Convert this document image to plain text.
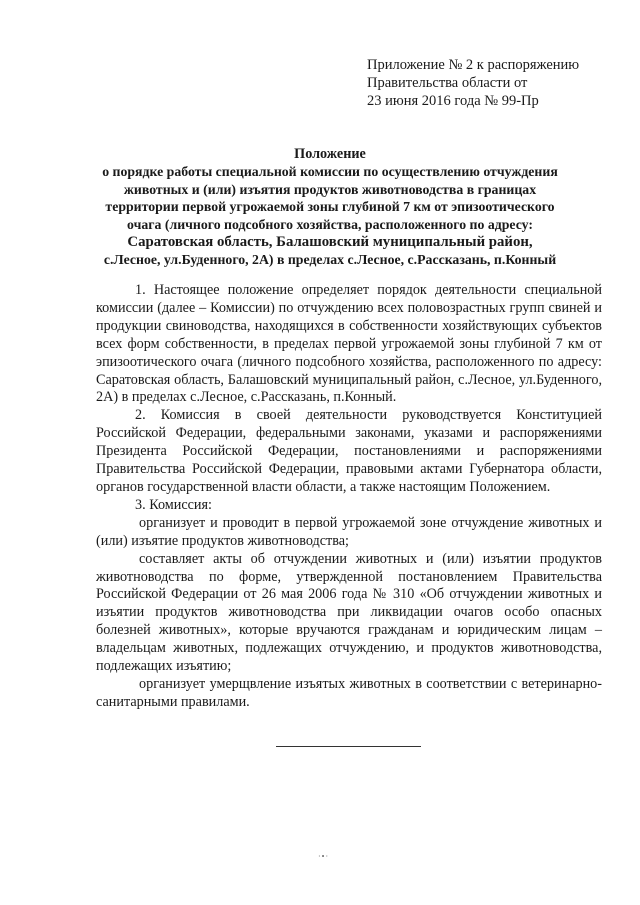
Приложение № 2 к распоряжению
Правительства области от
23 июня 2016 года № 99-Пр
Положение
о порядке работы специальной комиссии по осуществлению отчуждения
животных и (или) изъятия продуктов животноводства в границах
территории первой угрожаемой зоны глубиной 7 км от эпизоотического
очага (личного подсобного хозяйства, расположенного по адресу:
Саратовская область, Балашовский муниципальный район,
с.Лесное, ул.Буденного, 2А) в пределах с.Лесное, с.Рассказань, п.Конный

1. Настоящее положение определяет порядок деятельности специальной комиссии (далее – Комиссии) по отчуждению всех половозрастных групп свиней и продукции свиноводства, находящихся в собственности хозяйствующих субъектов всех форм собственности, в пределах первой угрожаемой зоны глубиной 7 км от эпизоотического очага (личного подсобного хозяйства, расположенного по адресу: Саратовская область, Балашовский муниципальный район, с.Лесное, ул.Буденного, 2А) в пределах с.Лесное, с.Рассказань, п.Конный.

2. Комиссия в своей деятельности руководствуется Конституцией Российской Федерации, федеральными законами, указами и распоряжениями Президента Российской Федерации, постановлениями и распоряжениями Правительства Российской Федерации, правовыми актами Губернатора области, органов государственной власти области, а также настоящим Положением.

3. Комиссия:

организует и проводит в первой угрожаемой зоне отчуждение животных и (или) изъятие продуктов животноводства;

составляет акты об отчуждении животных и (или) изъятии продуктов животноводства по форме, утвержденной постановлением Правительства Российской Федерации от 26 мая 2006 года № 310 «Об отчуждении животных и изъятии продуктов животноводства при ликвидации очагов особо опасных болезней животных», которые вручаются гражданам и юридическим лицам – владельцам животных, подлежащих отчуждению, и продуктов животноводства, подлежащих изъятию;

организует умерщвление изъятых животных в соответствии с ветеринарно-санитарными правилами.

·•·
